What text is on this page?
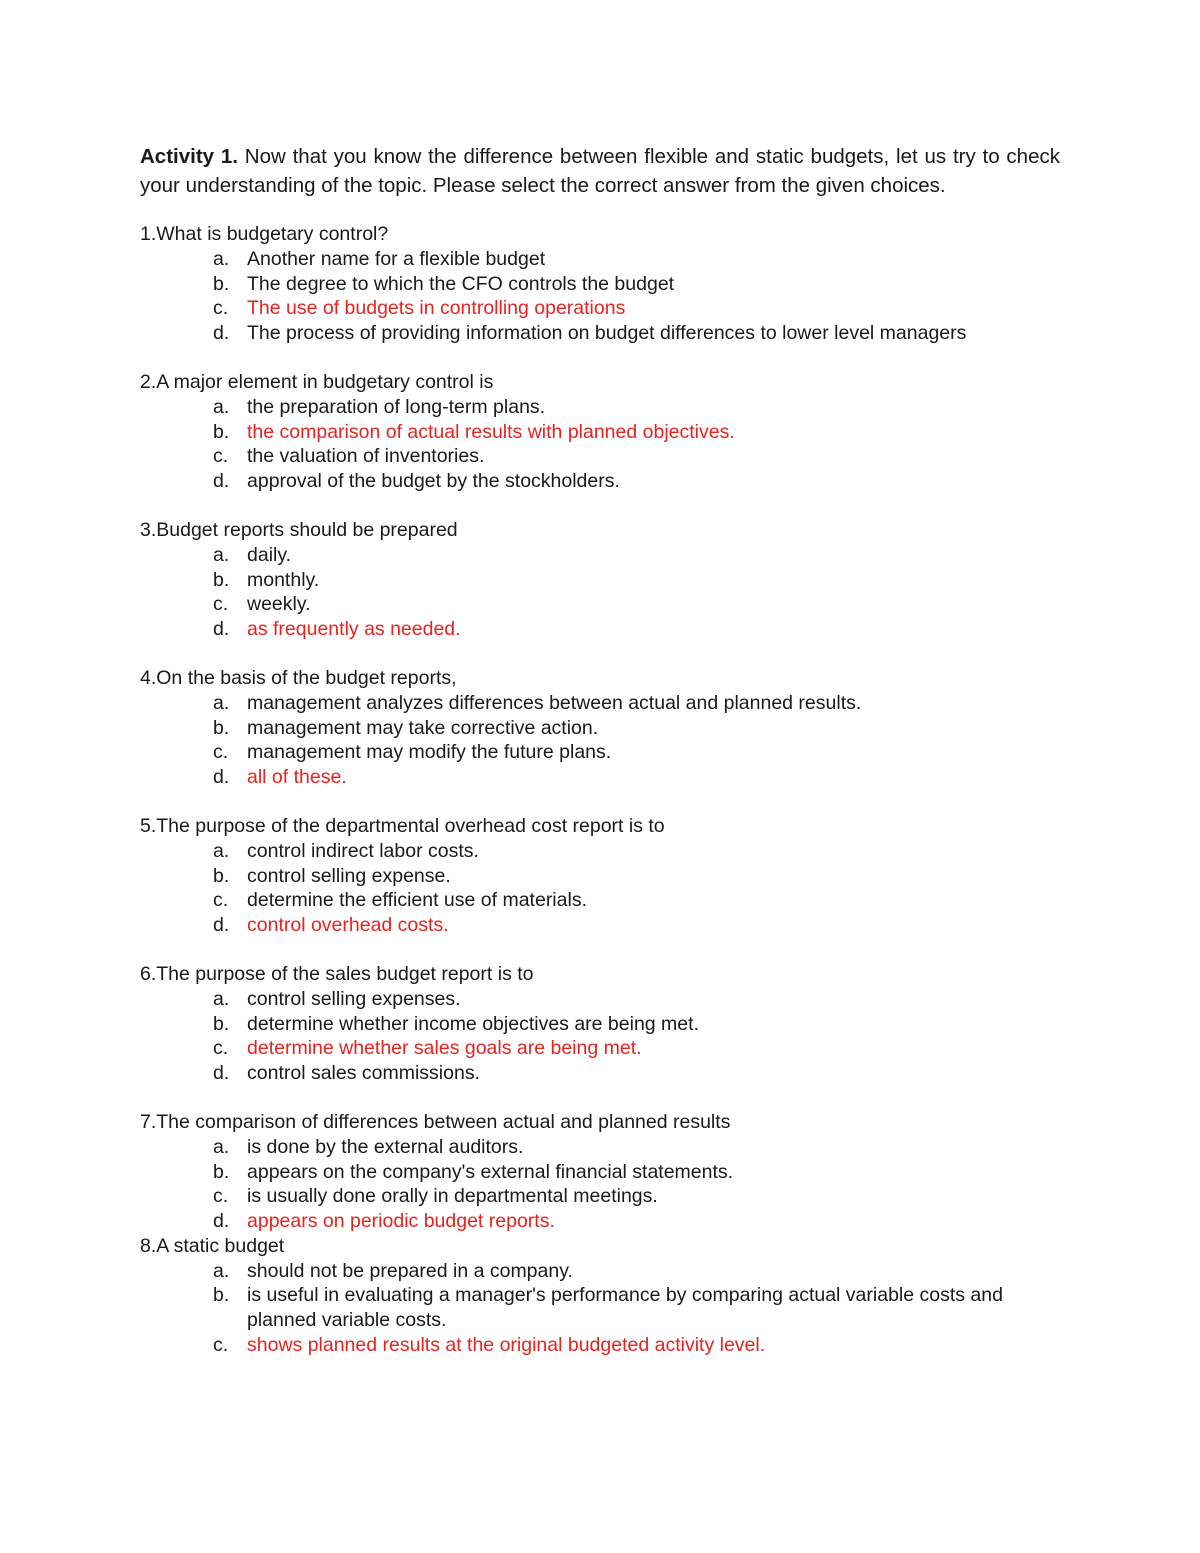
Activity 1. Now that you know the difference between flexible and static budgets, let us try to check your understanding of the topic. Please select the correct answer from the given choices.

1.What is budgetary control?

a. Another name for a flexible budget
b. The degree to which the CFO controls the budget
c. The use of budgets in controlling operations
d. The process of providing information on budget differences to lower level managers

2.A major element in budgetary control is

a. the preparation of long-term plans.
b. the comparison of actual results with planned objectives.
c. the valuation of inventories.
d. approval of the budget by the stockholders.

3.Budget reports should be prepared

a. daily.
b. monthly.
c. weekly.
d. as frequently as needed.

4.On the basis of the budget reports,

a. management analyzes differences between actual and planned results.
b. management may take corrective action.
c. management may modify the future plans.
d. all of these.

5.The purpose of the departmental overhead cost report is to

a. control indirect labor costs.
b. control selling expense.
c. determine the efficient use of materials.
d. control overhead costs.

6.The purpose of the sales budget report is to

a. control selling expenses.
b. determine whether income objectives are being met.
c. determine whether sales goals are being met.
d. control sales commissions.

7.The comparison of differences between actual and planned results

a. is done by the external auditors.
b. appears on the company's external financial statements.
c. is usually done orally in departmental meetings.
d. appears on periodic budget reports.

8.A static budget

a. should not be prepared in a company.
b. is useful in evaluating a manager's performance by comparing actual variable costs and planned variable costs.
c. shows planned results at the original budgeted activity level.
